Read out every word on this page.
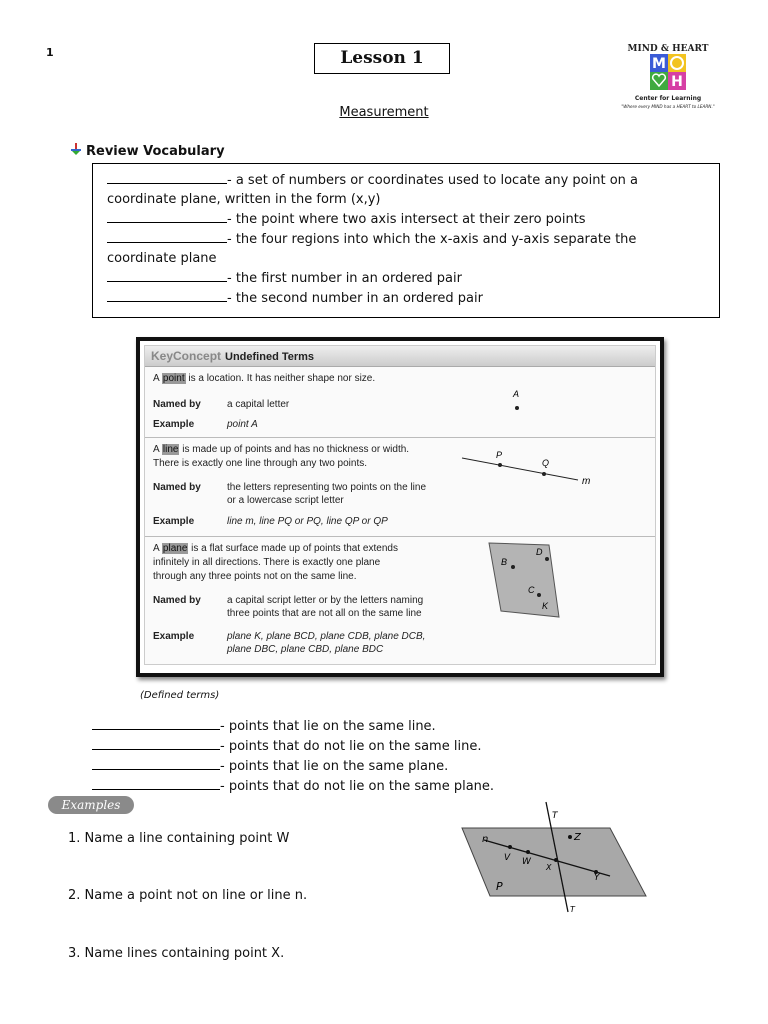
1	Lesson 1	MIND & HEART
M
H
Center for Learning
"Where every MIND has a HEART to LEARN."
Measurement
Review Vocabulary
- a set of numbers or coordinates used to locate any point on a
coordinate plane, written in the form (x,y)
- the point where two axis intersect at their zero points
- the four regions into which the x-axis and y-axis separate the
coordinate plane
- the first number in an ordered pair
- the second number in an ordered pair
KeyConcept Undefined Terms
A point is a location. It has neither shape nor size.
Named by	a capital letter
Example	point A
A
A line is made up of points and has no thickness or width.
There is exactly one line through any two points.
Named by	the letters representing two points on the line
or a lowercase script letter
Example	line m, line PQ or PQ, line QP or QP
P
Q
m
A plane is a flat surface made up of points that extends
infinitely in all directions. There is exactly one plane
through any three points not on the same line.
Named by	a capital script letter or by the letters naming
three points that are not all on the same line
Example	plane K, plane BCD, plane CDB, plane DCB,
plane DBC, plane CBD, plane BDC
B
D
C
K
(Defined terms)
- points that lie on the same line.
- points that do not lie on the same line.
- points that lie on the same plane.
- points that do not lie on the same plane.
Examples
1. Name a line containing point W
2. Name a point not on line or line n.
3. Name lines containing point X.
T
T
n
V W
X
Y
Z
P
